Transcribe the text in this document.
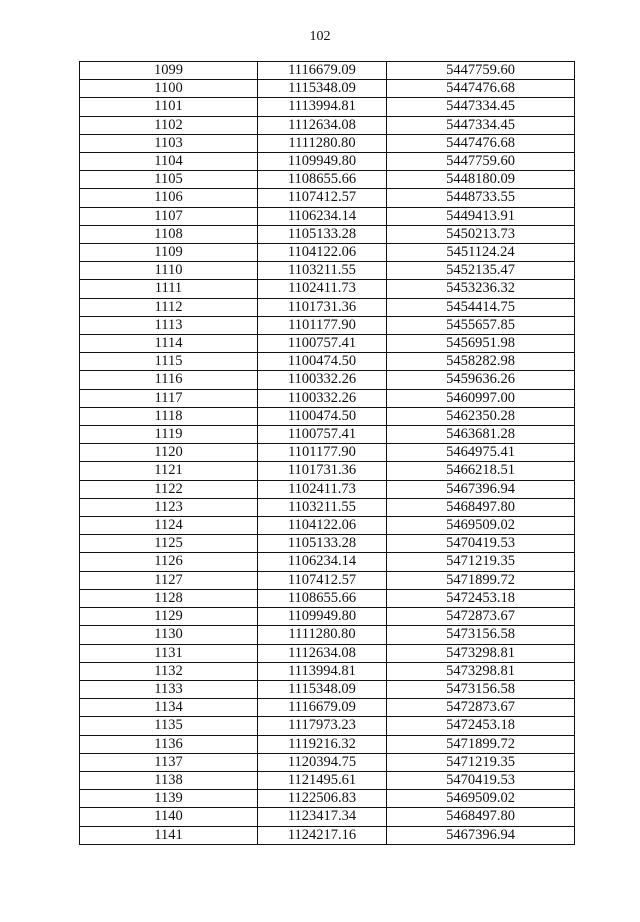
102
1099	1116679.09	5447759.60
1100	1115348.09	5447476.68
1101	1113994.81	5447334.45
1102	1112634.08	5447334.45
1103	1111280.80	5447476.68
1104	1109949.80	5447759.60
1105	1108655.66	5448180.09
1106	1107412.57	5448733.55
1107	1106234.14	5449413.91
1108	1105133.28	5450213.73
1109	1104122.06	5451124.24
1110	1103211.55	5452135.47
1111	1102411.73	5453236.32
1112	1101731.36	5454414.75
1113	1101177.90	5455657.85
1114	1100757.41	5456951.98
1115	1100474.50	5458282.98
1116	1100332.26	5459636.26
1117	1100332.26	5460997.00
1118	1100474.50	5462350.28
1119	1100757.41	5463681.28
1120	1101177.90	5464975.41
1121	1101731.36	5466218.51
1122	1102411.73	5467396.94
1123	1103211.55	5468497.80
1124	1104122.06	5469509.02
1125	1105133.28	5470419.53
1126	1106234.14	5471219.35
1127	1107412.57	5471899.72
1128	1108655.66	5472453.18
1129	1109949.80	5472873.67
1130	1111280.80	5473156.58
1131	1112634.08	5473298.81
1132	1113994.81	5473298.81
1133	1115348.09	5473156.58
1134	1116679.09	5472873.67
1135	1117973.23	5472453.18
1136	1119216.32	5471899.72
1137	1120394.75	5471219.35
1138	1121495.61	5470419.53
1139	1122506.83	5469509.02
1140	1123417.34	5468497.80
1141	1124217.16	5467396.94
